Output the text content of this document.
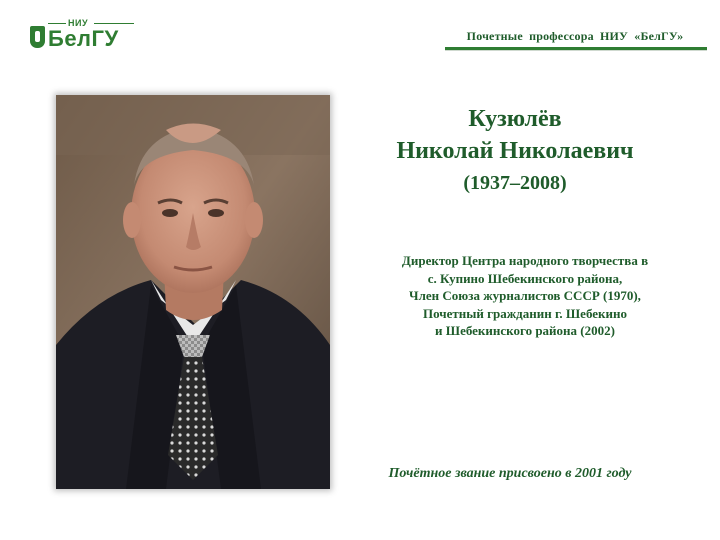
НИУ
БелГУ	Почетные профессора НИУ «БелГУ»
Кузюлёв
Николай Николаевич
(1937–2008)
Директор Центра народного творчества в
с. Купино Шебекинского района,
Член Союза журналистов СССР (1970),
Почетный гражданин г. Шебекино
и Шебекинского района (2002)
Почётное звание присвоено в 2001 году
